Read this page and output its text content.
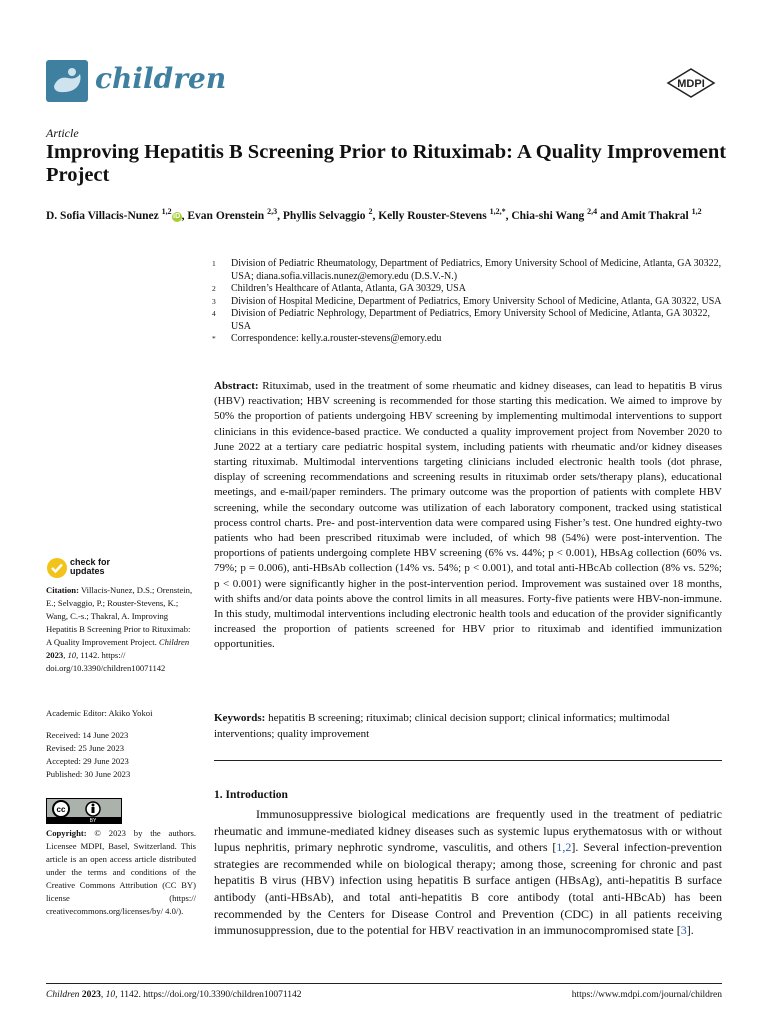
children	MDPI
Article
Improving Hepatitis B Screening Prior to Rituximab: A Quality Improvement Project
D. Sofia Villacis-Nunez $^{1,2}$iD , Evan Orenstein $^{2,3}$, Phyllis Selvaggio $^2$, Kelly Rouster-Stevens $^{1,2,*}$, Chia-shi Wang $^{2,4}$ and Amit Thakral $^{1,2}$
1	Division of Pediatric Rheumatology, Department of Pediatrics, Emory University School of Medicine, Atlanta, GA 30322, USA; diana.sofia.villacis.nunez@emory.edu (D.S.V.-N.)
2	Children’s Healthcare of Atlanta, Atlanta, GA 30329, USA
3	Division of Hospital Medicine, Department of Pediatrics, Emory University School of Medicine, Atlanta, GA 30322, USA
4	Division of Pediatric Nephrology, Department of Pediatrics, Emory University School of Medicine, Atlanta, GA 30322, USA
*	Correspondence: kelly.a.rouster-stevens@emory.edu
Abstract: Rituximab, used in the treatment of some rheumatic and kidney diseases, can lead to hepatitis B virus (HBV) reactivation; HBV screening is recommended for those starting this medication. We aimed to improve by 50% the proportion of patients undergoing HBV screening by implementing multimodal interventions to support clinicians in this evidence-based practice. We conducted a quality improvement project from November 2020 to June 2022 at a tertiary care pediatric hospital system, including patients with rheumatic and/or kidney diseases starting rituximab. Multimodal interventions targeting clinicians included electronic health tools (dot phrase, display of screening recommendations and screening results in rituximab order sets/therapy plans), educational meetings, and e-mail/paper reminders. The primary outcome was the proportion of patients with complete HBV screening, while the secondary outcome was utilization of each laboratory component, tracked using statistical process control charts. Pre- and post-intervention data were compared using Fisher’s test. One hundred eighty-two patients who had been prescribed rituximab were included, of which 98 (54%) were post-intervention. The proportions of patients undergoing complete HBV screening (6% vs. 44%; p < 0.001), HBsAg collection (60% vs. 79%; p = 0.006), anti-HBsAb collection (14% vs. 54%; p < 0.001), and total anti-HBcAb collection (8% vs. 52%; p < 0.001) were significantly higher in the post-intervention period. Improvement was sustained over 18 months, with shifts and/or data points above the control limits in all measures. Forty-five patients were HBV-non-immune. In this study, multimodal interventions including electronic health tools and education of the provider significantly increased the proportion of patients screened for HBV prior to rituximab and identified immunization opportunities.
Keywords: hepatitis B screening; rituximab; clinical decision support; clinical informatics; multimodal interventions; quality improvement
check for
updates
Citation: Villacis-Nunez, D.S.; Orenstein, E.; Selvaggio, P.; Rouster-Stevens, K.; Wang, C.-s.; Thakral, A. Improving Hepatitis B Screening Prior to Rituximab: A Quality Improvement Project. Children 2023, 10, 1142. https:// doi.org/10.3390/children10071142
Academic Editor: Akiko Yokoi
Received: 14 June 2023
Revised: 25 June 2023
Accepted: 29 June 2023
Published: 30 June 2023
cc
BY
Copyright: © 2023 by the authors. Licensee MDPI, Basel, Switzerland. This article is an open access article distributed under the terms and conditions of the Creative Commons Attribution (CC BY) license (https:// creativecommons.org/licenses/by/ 4.0/).
1. Introduction
Immunosuppressive biological medications are frequently used in the treatment of pediatric rheumatic and immune-mediated kidney diseases such as systemic lupus erythematosus with or without lupus nephritis, primary nephrotic syndrome, vasculitis, and others [1,2]. Several infection-prevention strategies are recommended while on biological therapy; among those, screening for chronic and past hepatitis B virus (HBV) infection using hepatitis B surface antigen (HBsAg), anti-hepatitis B surface antibody (anti-HBsAb), and total anti-hepatitis B core antibody (total anti-HBcAb) has been recommended by the Centers for Disease Control and Prevention (CDC) in all patients receiving immunosuppression, due to the potential for HBV reactivation in an immunocompromised state [3].
Children 2023, 10, 1142. https://doi.org/10.3390/children10071142	https://www.mdpi.com/journal/children
